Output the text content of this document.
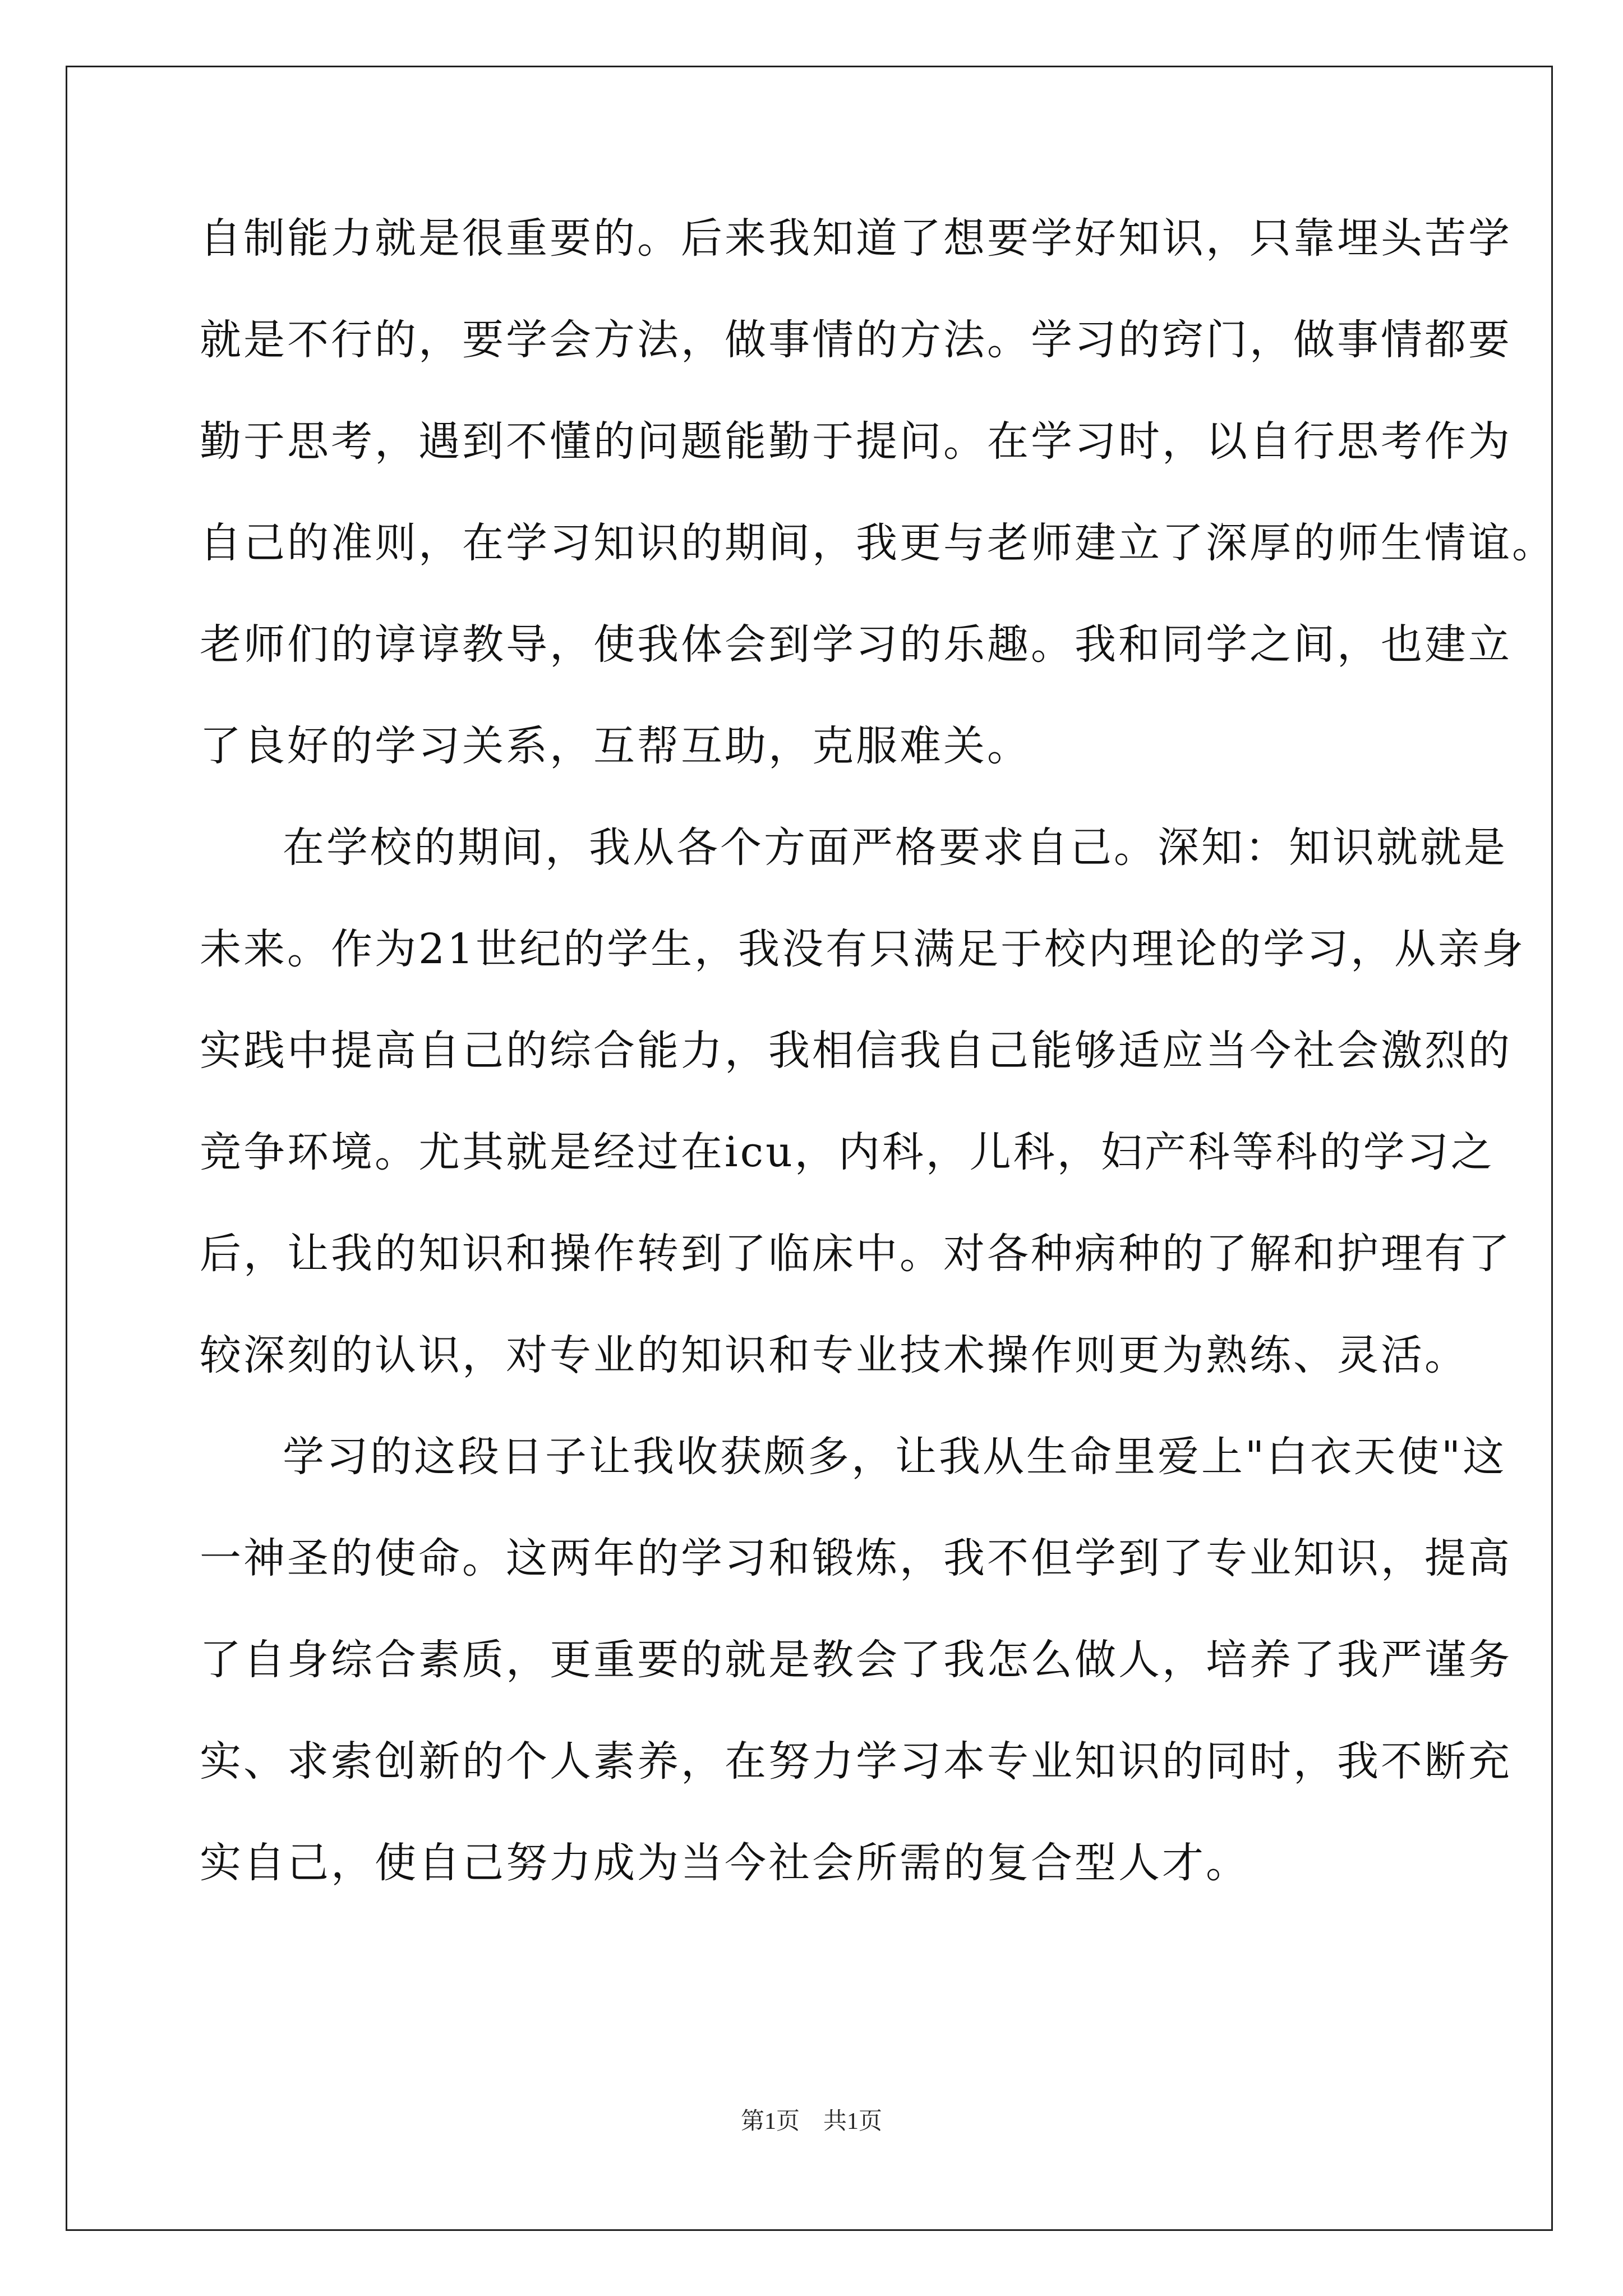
自制能力就是很重要的。后来我知道了想要学好知识，只靠埋头苦学
就是不行的，要学会方法，做事情的方法。学习的窍门，做事情都要
勤于思考，遇到不懂的问题能勤于提问。在学习时，以自行思考作为
自己的准则，在学习知识的期间，我更与老师建立了深厚的师生情谊。
老师们的谆谆教导，使我体会到学习的乐趣。我和同学之间，也建立
了良好的学习关系，互帮互助，克服难关。
在学校的期间，我从各个方面严格要求自己。深知：知识就就是
未来。作为21世纪的学生，我没有只满足于校内理论的学习，从亲身
实践中提高自己的综合能力，我相信我自己能够适应当今社会激烈的
竞争环境。尤其就是经过在icu，内科，儿科，妇产科等科的学习之
后，让我的知识和操作转到了临床中。对各种病种的了解和护理有了
较深刻的认识，对专业的知识和专业技术操作则更为熟练、灵活。
学习的这段日子让我收获颇多，让我从生命里爱上"白衣天使"这
一神圣的使命。这两年的学习和锻炼，我不但学到了专业知识，提高
了自身综合素质，更重要的就是教会了我怎么做人，培养了我严谨务
实、求索创新的个人素养，在努力学习本专业知识的同时，我不断充
实自己，使自己努力成为当今社会所需的复合型人才。
第1页　共1页
